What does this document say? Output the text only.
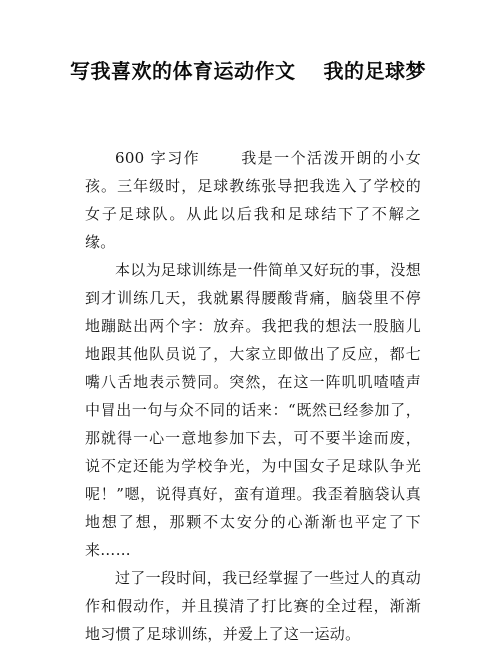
写我喜欢的体育运动作文 我的足球梦

600 字习作	我是一个活泼开朗的小女孩。三年级时，足球教练张导把我选入了学校的女子足球队。从此以后我和足球结下了不解之缘。

本以为足球训练是一件简单又好玩的事，没想到才训练几天，我就累得腰酸背痛，脑袋里不停地蹦跶出两个字：放弃。我把我的想法一股脑儿地跟其他队员说了，大家立即做出了反应，都七嘴八舌地表示赞同。突然，在这一阵叽叽喳喳声中冒出一句与众不同的话来：“既然已经参加了，那就得一心一意地参加下去，可不要半途而废，说不定还能为学校争光，为中国女子足球队争光呢！”嗯，说得真好，蛮有道理。我歪着脑袋认真地想了想，那颗不太安分的心渐渐也平定了下来……

过了一段时间，我已经掌握了一些过人的真动作和假动作，并且摸清了打比赛的全过程，渐渐地习惯了足球训练，并爱上了这一运动。
